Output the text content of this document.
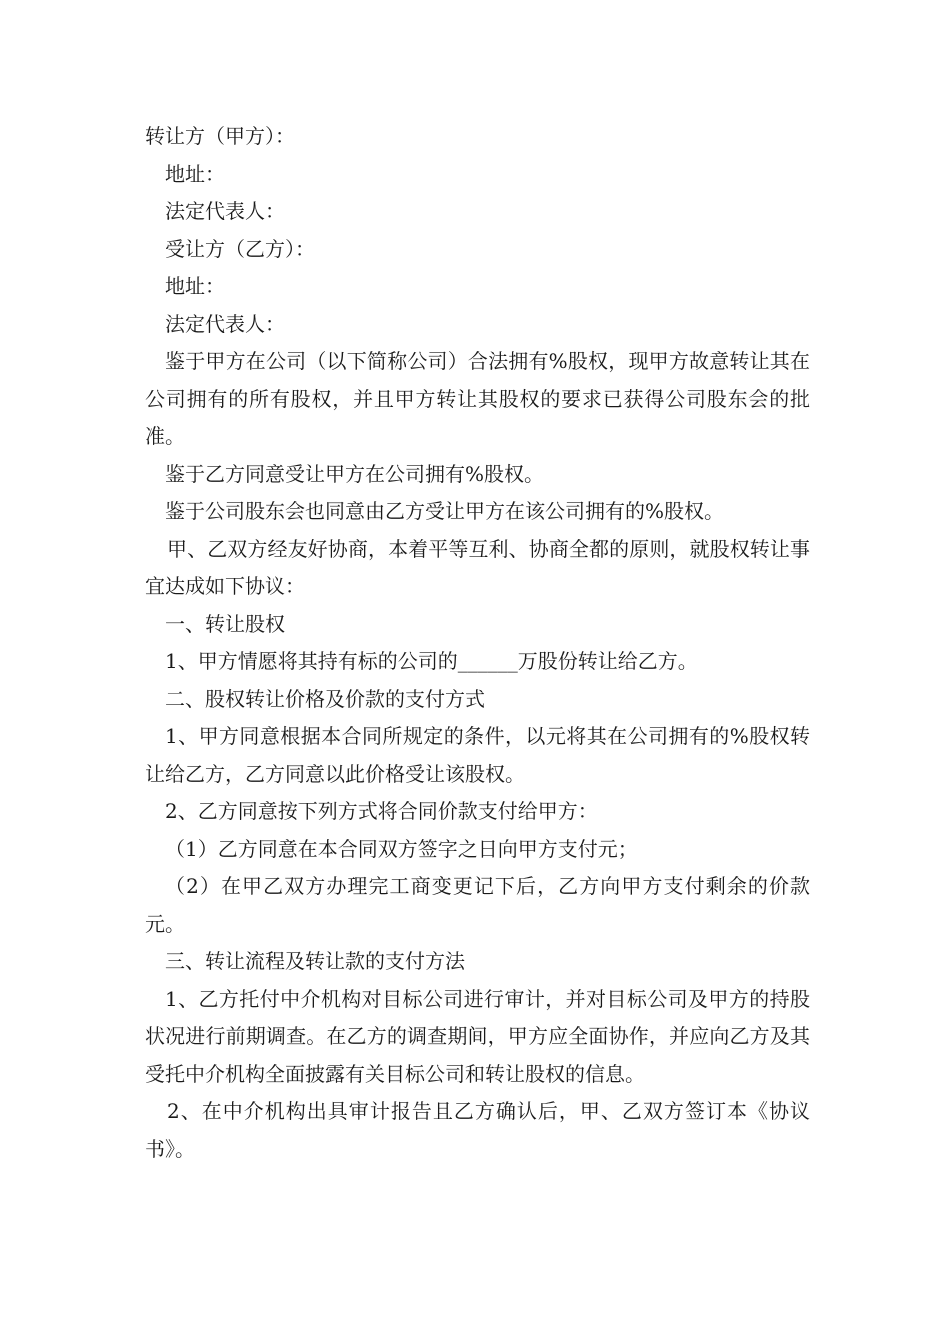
转让方（甲方）：

地址：

法定代表人：

受让方（乙方）：

地址：

法定代表人：

鉴于甲方在公司（以下简称公司）合法拥有%股权，现甲方故意转让其在公司拥有的所有股权，并且甲方转让其股权的要求已获得公司股东会的批准。

鉴于乙方同意受让甲方在公司拥有%股权。

鉴于公司股东会也同意由乙方受让甲方在该公司拥有的%股权。

甲、乙双方经友好协商，本着平等互利、协商全都的原则，就股权转让事宜达成如下协议：

一、转让股权

1、甲方情愿将其持有标的公司的______万股份转让给乙方。

二、股权转让价格及价款的支付方式

1、甲方同意根据本合同所规定的条件，以元将其在公司拥有的%股权转让给乙方，乙方同意以此价格受让该股权。

2、乙方同意按下列方式将合同价款支付给甲方：

（1）乙方同意在本合同双方签字之日向甲方支付元；

（2）在甲乙双方办理完工商变更记下后，乙方向甲方支付剩余的价款元。

三、转让流程及转让款的支付方法

1、乙方托付中介机构对目标公司进行审计，并对目标公司及甲方的持股状况进行前期调查。在乙方的调查期间，甲方应全面协作，并应向乙方及其受托中介机构全面披露有关目标公司和转让股权的信息。

2、在中介机构出具审计报告且乙方确认后，甲、乙双方签订本《协议书》。
